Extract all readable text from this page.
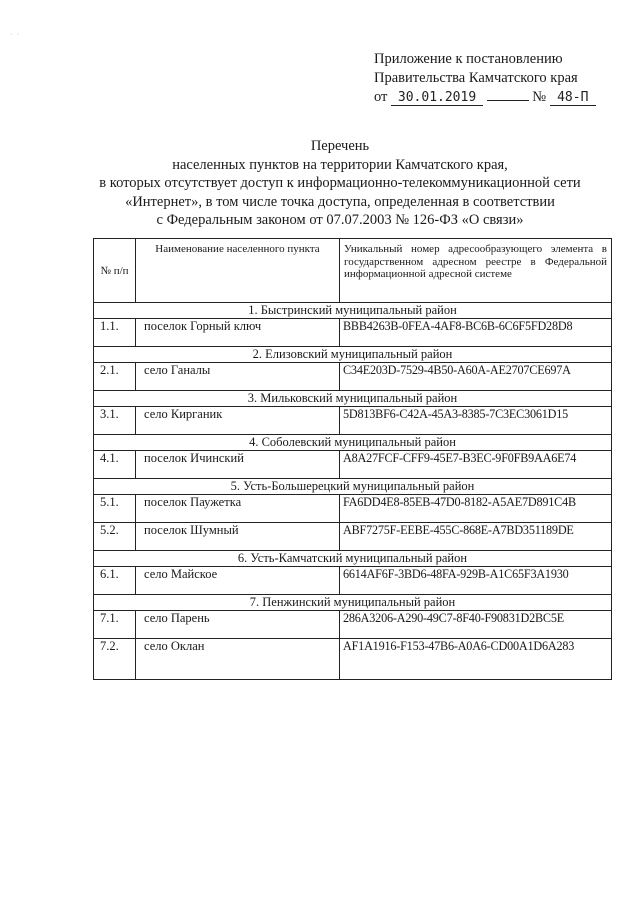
·  ·
Приложение к постановлению
Правительства Камчатского края
от 30.01.2019	№ 48-П
Перечень
населенных пунктов на территории Камчатского края,
в которых отсутствует доступ к информационно-телекоммуникационной сети
«Интернет», в том числе точка доступа, определенная в соответствии
с Федеральным законом от 07.07.2003 № 126-ФЗ «О связи»
№ п/п	Наименование населенного пункта	Уникальный номер адресообразующего элемента в государственном адресном реестре в Федеральной информационной адресной системе
1. Быстринский муниципальный район		
1.1.	поселок Горный ключ	BBB4263B-0FEA-4AF8-BC6B-6C6F5FD28D8
2. Елизовский муниципальный район		
2.1.	село Ганалы	C34E203D-7529-4B50-A60A-AE2707CE697A
3. Мильковский муниципальный район		
3.1.	село Кирганик	5D813BF6-C42A-45A3-8385-7C3EC3061D15
4. Соболевский муниципальный район		
4.1.	поселок Ичинский	A8A27FCF-CFF9-45E7-B3EC-9F0FB9AA6E74
5. Усть-Большерецкий муниципальный район		
5.1.	поселок Паужетка	FA6DD4E8-85EB-47D0-8182-A5AE7D891C4B
5.2.	поселок Шумный	ABF7275F-EEBE-455C-868E-A7BD351189DE
6. Усть-Камчатский муниципальный район		
6.1.	село Майское	6614AF6F-3BD6-48FA-929B-A1C65F3A1930
7. Пенжинский муниципальный район		
7.1.	село Парень	286A3206-A290-49C7-8F40-F90831D2BC5E
7.2.	село Оклан	AF1A1916-F153-47B6-A0A6-CD00A1D6A283
